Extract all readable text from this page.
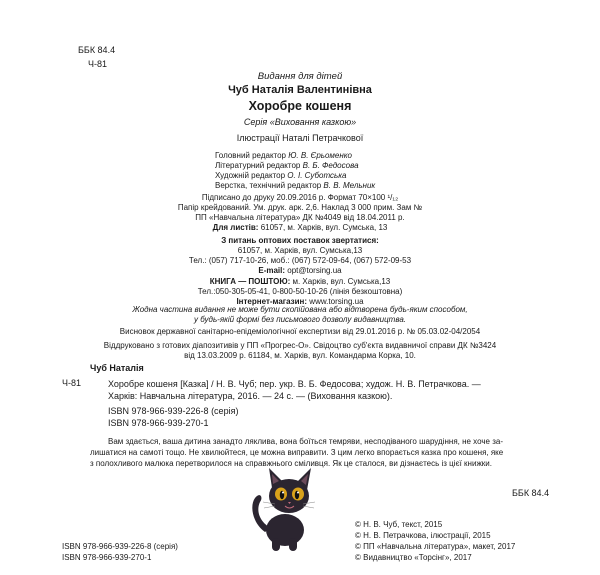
ББК 84.4
Ч-81
Видання для дітей
Чуб Наталія Валентинівна
Хоробре кошеня
Серія «Виховання казкою»
Ілюстрації Наталі Петрачкової
Головний редактор Ю. В. Єрьоменко
Літературний редактор В. Б. Федосова
Художній редактор О. І. Суботська
Верстка, технічний редактор В. В. Мельник
Підписано до друку 20.09.2016 р. Формат 70×100 ¹/₁₂
Папір крейдований. Ум. друк. арк. 2,6. Наклад 3 000 прим. Зам №
ПП «Навчальна література» ДК №4049 від 18.04.2011 р.
Для листів: 61057, м. Харків, вул. Сумська, 13
З питань оптових поставок звертатися:
61057, м. Харків, вул. Сумська,13
Тел.: (057) 717-10-26, моб.: (067) 572-09-64, (067) 572-09-53
E-mail: opt@torsing.ua
КНИГА — ПОШТОЮ: м. Харків, вул. Сумська,13
Тел.:050-305-05-41, 0-800-50-10-26 (лінія безкоштовна)
Інтернет-магазин: www.torsing.ua
Жодна частина видання не може бути скопійована або відтворена будь-яким способом,
у будь-якій формі без письмового дозволу видавництва.
Висновок державної санітарно-епідеміологічної експертизи від 29.01.2016 р. № 05.03.02-04/2054
Віддруковано з готових діапозитивів у ПП «Прогрес-О». Свідоцтво суб'єкта видавничої справи ДК №3424
від 13.03.2009 р. 61184, м. Харків, вул. Командарма Корка, 10.
Чуб Наталія
Ч-81	Хоробре кошеня [Казка] / Н. В. Чуб; пер. укр. В. Б. Федосова; худож. Н. В. Петрачкова. —
Харків: Навчальна література, 2016. — 24 с. — (Виховання казкою).
ISBN 978-966-939-226-8 (серія)
ISBN 978-966-939-270-1
Вам здається, ваша дитина занадто ляклива, вона боїться темряви, несподіваного шарудіння, не хоче за-
лишатися на самоті тощо. Не хвилюйтеся, це можна виправити. З цим легко впорається казка про кошеня, яке
з полохливого малюка перетворилося на справжнього сміливця. Як це сталося, ви дізнаєтесь із цієї книжки.
ББК 84.4
ISBN 978-966-939-226-8 (серія)
ISBN 978-966-939-270-1
© Н. В. Чуб, текст, 2015
© Н. В. Петрачкова, ілюстрації, 2015
© ПП «Навчальна література», макет, 2017
© Видавництво «Торсінг», 2017
